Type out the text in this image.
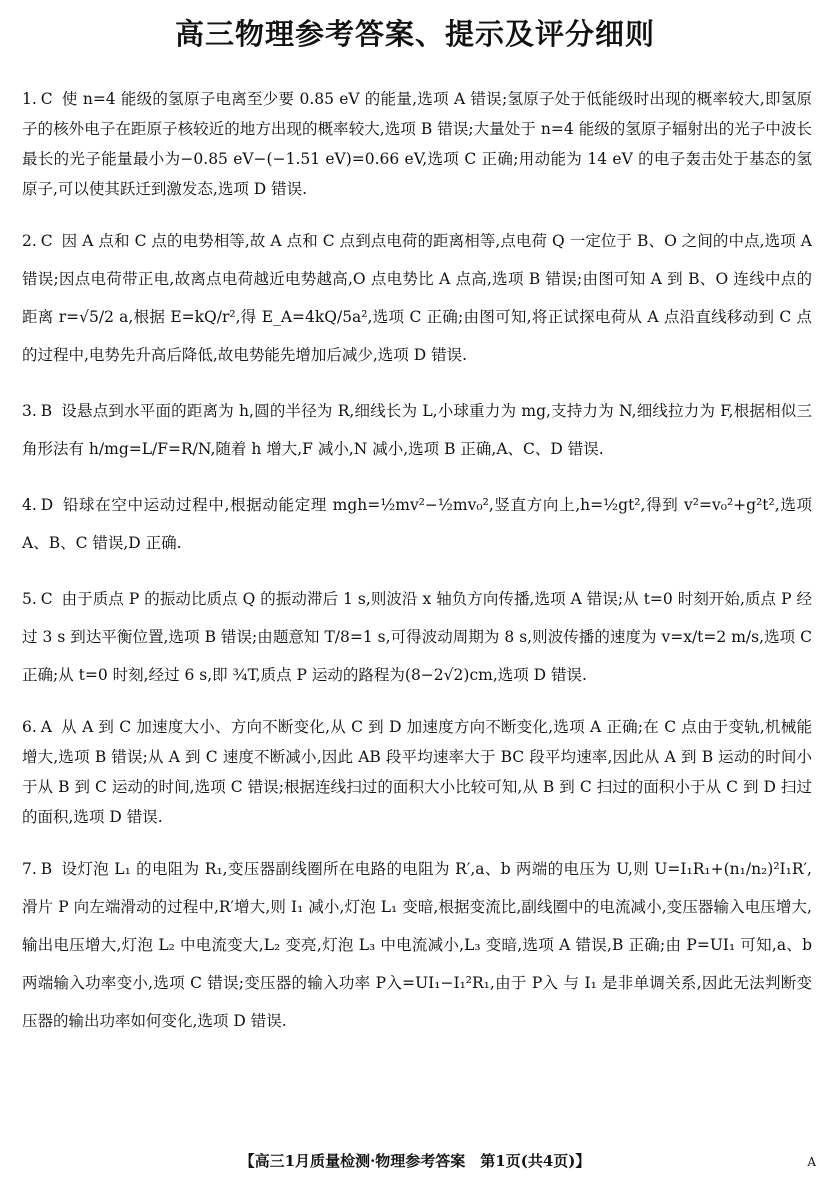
高三物理参考答案、提示及评分细则
1. C 使 n=4 能级的氢原子电离至少要 0.85 eV 的能量,选项 A 错误;氢原子处于低能级时出现的概率较大,即氢原子的核外电子在距原子核较近的地方出现的概率较大,选项 B 错误;大量处于 n=4 能级的氢原子辐射出的光子中波长最长的光子能量最小为−0.85 eV−(−1.51 eV)=0.66 eV,选项 C 正确;用动能为 14 eV 的电子轰击处于基态的氢原子,可以使其跃迁到激发态,选项 D 错误.
2. C 因 A 点和 C 点的电势相等,故 A 点和 C 点到点电荷的距离相等,点电荷 Q 一定位于 B、O 之间的中点,选项 A 错误;因点电荷带正电,故离点电荷越近电势越高,O 点电势比 A 点高,选项 B 错误;由图可知 A 到 B、O 连线中点的距离 r=√5/2 a,根据 E=kQ/r²,得 E_A=4kQ/5a²,选项 C 正确;由图可知,将正试探电荷从 A 点沿直线移动到 C 点的过程中,电势先升高后降低,故电势能先增加后减少,选项 D 错误.
3. B 设悬点到水平面的距离为 h,圆的半径为 R,细线长为 L,小球重力为 mg,支持力为 N,细线拉力为 F,根据相似三角形法有 h/mg=L/F=R/N,随着 h 增大,F 减小,N 减小,选项 B 正确,A、C、D 错误.
4. D 铅球在空中运动过程中,根据动能定理 mgh=½mv²−½mv₀²,竖直方向上,h=½gt²,得到 v²=v₀²+g²t²,选项 A、B、C 错误,D 正确.
5. C 由于质点 P 的振动比质点 Q 的振动滞后 1 s,则波沿 x 轴负方向传播,选项 A 错误;从 t=0 时刻开始,质点 P 经过 3 s 到达平衡位置,选项 B 错误;由题意知 T/8=1 s,可得波动周期为 8 s,则波传播的速度为 v=x/t=2 m/s,选项 C 正确;从 t=0 时刻,经过 6 s,即 ¾T,质点 P 运动的路程为(8−2√2)cm,选项 D 错误.
6. A 从 A 到 C 加速度大小、方向不断变化,从 C 到 D 加速度方向不断变化,选项 A 正确;在 C 点由于变轨,机械能增大,选项 B 错误;从 A 到 C 速度不断减小,因此 AB 段平均速率大于 BC 段平均速率,因此从 A 到 B 运动的时间小于从 B 到 C 运动的时间,选项 C 错误;根据连线扫过的面积大小比较可知,从 B 到 C 扫过的面积小于从 C 到 D 扫过的面积,选项 D 错误.
7. B 设灯泡 L₁ 的电阻为 R₁,变压器副线圈所在电路的电阻为 R′,a、b 两端的电压为 U,则 U=I₁R₁+(n₁/n₂)²I₁R′,滑片 P 向左端滑动的过程中,R′增大,则 I₁ 减小,灯泡 L₁ 变暗,根据变流比,副线圈中的电流减小,变压器输入电压增大,输出电压增大,灯泡 L₂ 中电流变大,L₂ 变亮,灯泡 L₃ 中电流减小,L₃ 变暗,选项 A 错误,B 正确;由 P=UI₁ 可知,a、b 两端输入功率变小,选项 C 错误;变压器的输入功率 P入=UI₁−I₁²R₁,由于 P入 与 I₁ 是非单调关系,因此无法判断变压器的输出功率如何变化,选项 D 错误.
【高三1月质量检测·物理参考答案　第1页(共4页)】	A
